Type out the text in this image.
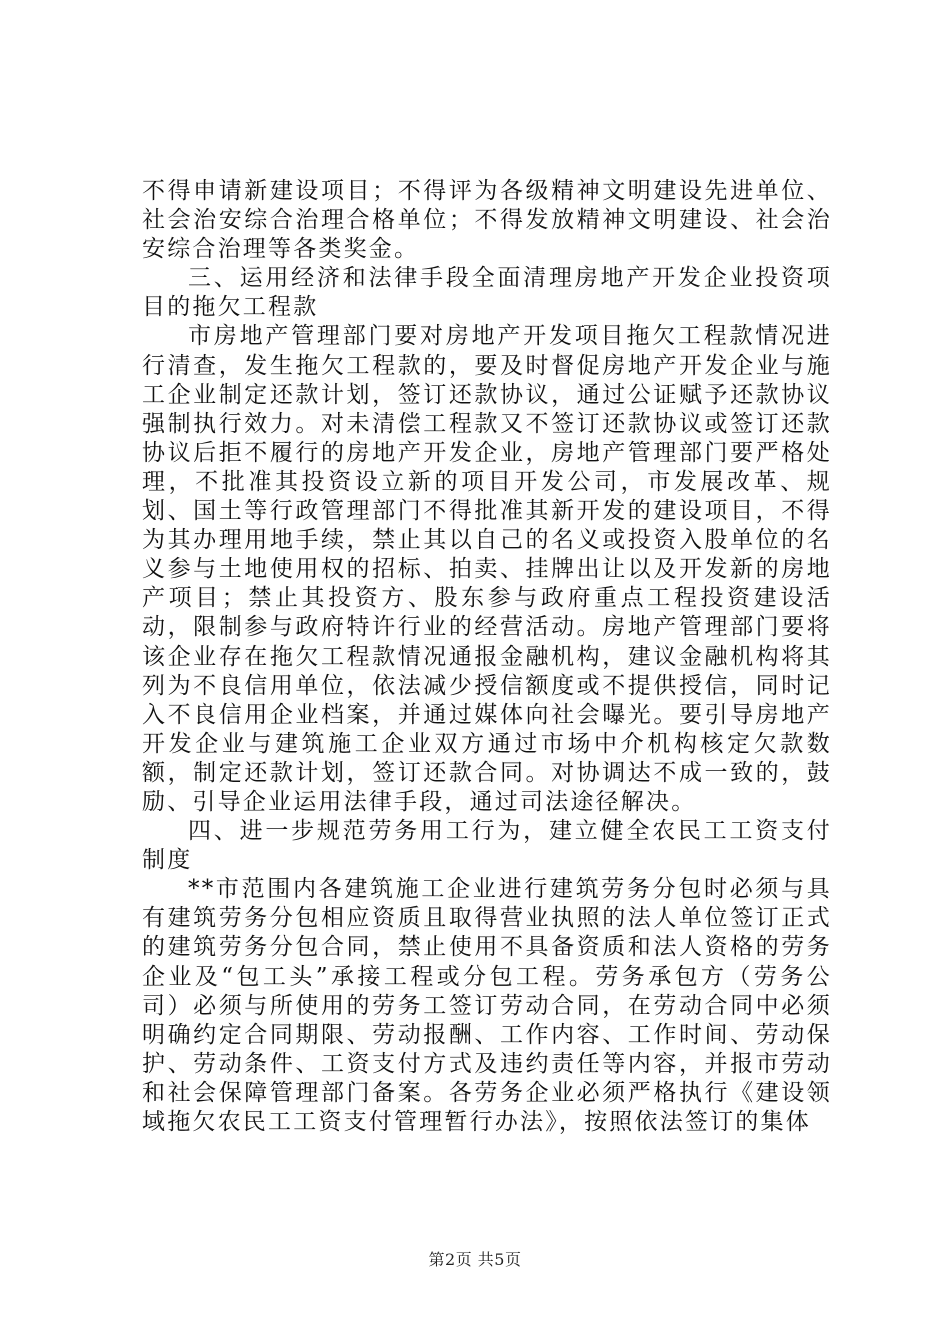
不得申请新建设项目；不得评为各级精神文明建设先进单位、社会治安综合治理合格单位；不得发放精神文明建设、社会治安综合治理等各类奖金。

三、运用经济和法律手段全面清理房地产开发企业投资项目的拖欠工程款

市房地产管理部门要对房地产开发项目拖欠工程款情况进行清查，发生拖欠工程款的，要及时督促房地产开发企业与施工企业制定还款计划，签订还款协议，通过公证赋予还款协议强制执行效力。对未清偿工程款又不签订还款协议或签订还款协议后拒不履行的房地产开发企业，房地产管理部门要严格处理，不批准其投资设立新的项目开发公司，市发展改革、规划、国土等行政管理部门不得批准其新开发的建设项目，不得为其办理用地手续，禁止其以自己的名义或投资入股单位的名义参与土地使用权的招标、拍卖、挂牌出让以及开发新的房地产项目；禁止其投资方、股东参与政府重点工程投资建设活动，限制参与政府特许行业的经营活动。房地产管理部门要将该企业存在拖欠工程款情况通报金融机构，建议金融机构将其列为不良信用单位，依法减少授信额度或不提供授信，同时记入不良信用企业档案，并通过媒体向社会曝光。要引导房地产开发企业与建筑施工企业双方通过市场中介机构核定欠款数额，制定还款计划，签订还款合同。对协调达不成一致的，鼓励、引导企业运用法律手段，通过司法途径解决。

四、进一步规范劳务用工行为，建立健全农民工工资支付制度

**市范围内各建筑施工企业进行建筑劳务分包时必须与具有建筑劳务分包相应资质且取得营业执照的法人单位签订正式的建筑劳务分包合同，禁止使用不具备资质和法人资格的劳务企业及“包工头”承接工程或分包工程。劳务承包方（劳务公司）必须与所使用的劳务工签订劳动合同，在劳动合同中必须明确约定合同期限、劳动报酬、工作内容、工作时间、劳动保护、劳动条件、工资支付方式及违约责任等内容，并报市劳动和社会保障管理部门备案。各劳务企业必须严格执行《建设领域拖欠农民工工资支付管理暂行办法》，按照依法签订的集体

第2页 共5页
